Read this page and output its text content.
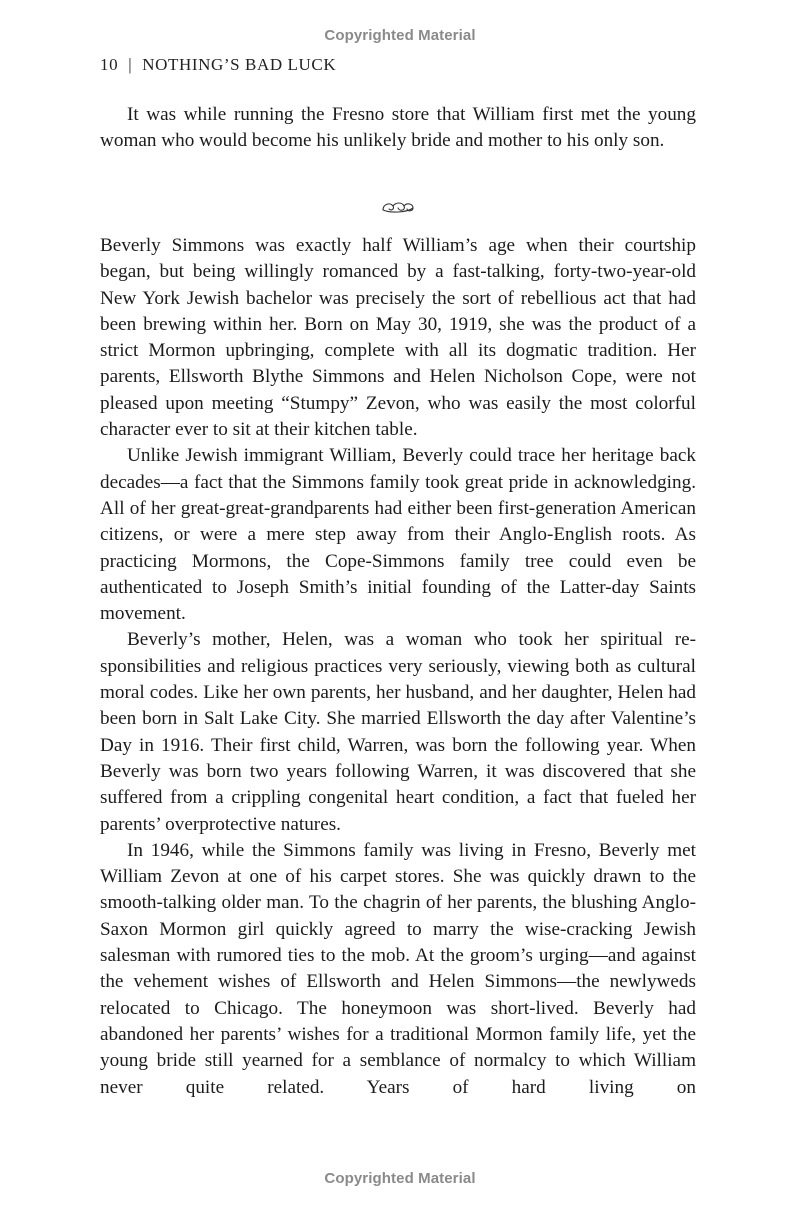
Copyrighted Material
10 | NOTHING’S BAD LUCK

It was while running the Fresno store that William first met the young woman who would become his unlikely bride and mother to his only son.

Beverly Simmons was exactly half William’s age when their courtship began, but being willingly romanced by a fast-talking, forty-two-year-old New York Jewish bachelor was precisely the sort of rebellious act that had been brewing within her. Born on May 30, 1919, she was the product of a strict Mormon upbringing, complete with all its dogmatic tradition. Her parents, Ellsworth Blythe Simmons and Helen Nicholson Cope, were not pleased upon meeting “Stumpy” Zevon, who was easily the most colorful character ever to sit at their kitchen table.

Unlike Jewish immigrant William, Beverly could trace her heritage back decades—a fact that the Simmons family took great pride in acknowledging. All of her great-great-grandparents had either been first-generation American citizens, or were a mere step away from their Anglo-English roots. As practicing Mormons, the Cope-Simmons family tree could even be authenticated to Joseph Smith’s initial founding of the Latter-day Saints movement.

Beverly’s mother, Helen, was a woman who took her spiritual responsibilities and religious practices very seriously, viewing both as cultural moral codes. Like her own parents, her husband, and her daughter, Helen had been born in Salt Lake City. She married Ellsworth the day after Valentine’s Day in 1916. Their first child, Warren, was born the following year. When Beverly was born two years following Warren, it was discovered that she suffered from a crippling congenital heart condition, a fact that fueled her parents’ overprotective natures.

In 1946, while the Simmons family was living in Fresno, Beverly met William Zevon at one of his carpet stores. She was quickly drawn to the smooth-talking older man. To the chagrin of her parents, the blushing Anglo-Saxon Mormon girl quickly agreed to marry the wise-cracking Jewish salesman with rumored ties to the mob. At the groom’s urging—and against the vehement wishes of Ellsworth and Helen Simmons—the newlyweds relocated to Chicago. The honeymoon was short-lived. Beverly had abandoned her parents’ wishes for a traditional Mormon family life, yet the young bride still yearned for a semblance of normalcy to which William never quite related. Years of hard living on

Copyrighted Material
